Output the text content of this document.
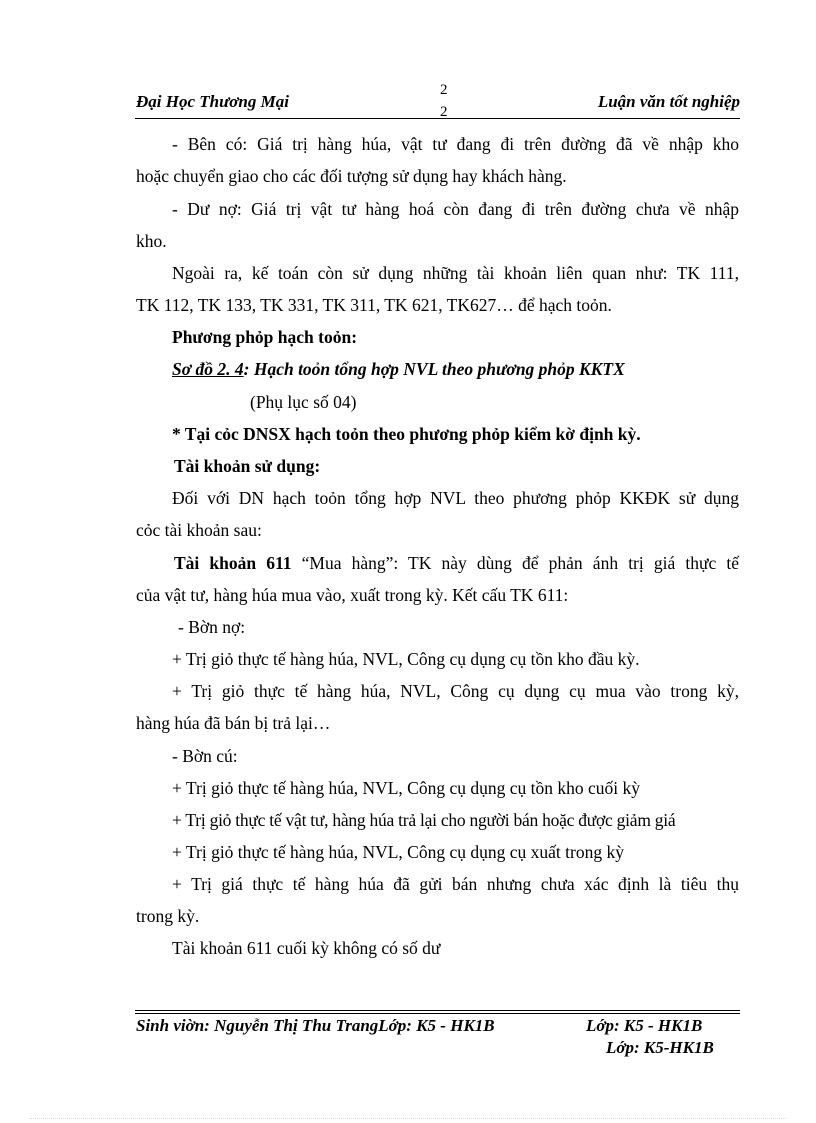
Đại Học Thương Mại
2
2
Luận văn tốt nghiệp
- Bên có: Giá trị hàng húa, vật tư đang đi trên đường đã về nhập kho
hoặc chuyển giao cho các đối tượng sử dụng hay khách hàng.
- Dư nợ: Giá trị vật tư hàng hoá còn đang đi trên đường chưa về nhập
kho.
Ngoài ra, kế toán còn sử dụng những tài khoản liên quan như: TK 111,
TK 112, TK 133, TK 331, TK 311, TK 621, TK627… để hạch toỏn.
Phương phỏp hạch toỏn:
Sơ đồ 2. 4: Hạch toỏn tổng hợp NVL theo phương phỏp KKTX
(Phụ lục số 04)
* Tại cỏc DNSX hạch toỏn theo phương phỏp kiểm kờ định kỳ.
Tài khoản sử dụng:
Đối với DN hạch toỏn tổng hợp NVL theo phương phỏp KKĐK sử dụng
cỏc tài khoản sau:
Tài khoản 611 “Mua hàng”: TK này dùng để phản ánh trị giá thực tế
của vật tư, hàng húa mua vào, xuất trong kỳ. Kết cấu TK 611:
- Bờn nợ:
+ Trị giỏ thực tế hàng húa, NVL, Công cụ dụng cụ tồn kho đầu kỳ.
+ Trị giỏ thực tế hàng húa, NVL, Công cụ dụng cụ mua vào trong kỳ,
hàng húa đã bán bị trả lại…
- Bờn cú:
+ Trị giỏ thực tế hàng húa, NVL, Công cụ dụng cụ tồn kho cuối kỳ
+ Trị giỏ thực tế vật tư, hàng húa trả lại cho người bán hoặc được giảm giá
+ Trị giỏ thực tế hàng húa, NVL, Công cụ dụng cụ xuất trong kỳ
+ Trị giá thực tế hàng húa đã gửi bán nhưng chưa xác định là tiêu thụ
trong kỳ.
Tài khoản 611 cuối kỳ không có số dư
Sinh viờn: Nguyễn Thị Thu TrangLớp: K5 - HK1B	Lớp: K5 - HK1B
Lớp: K5-HK1B
